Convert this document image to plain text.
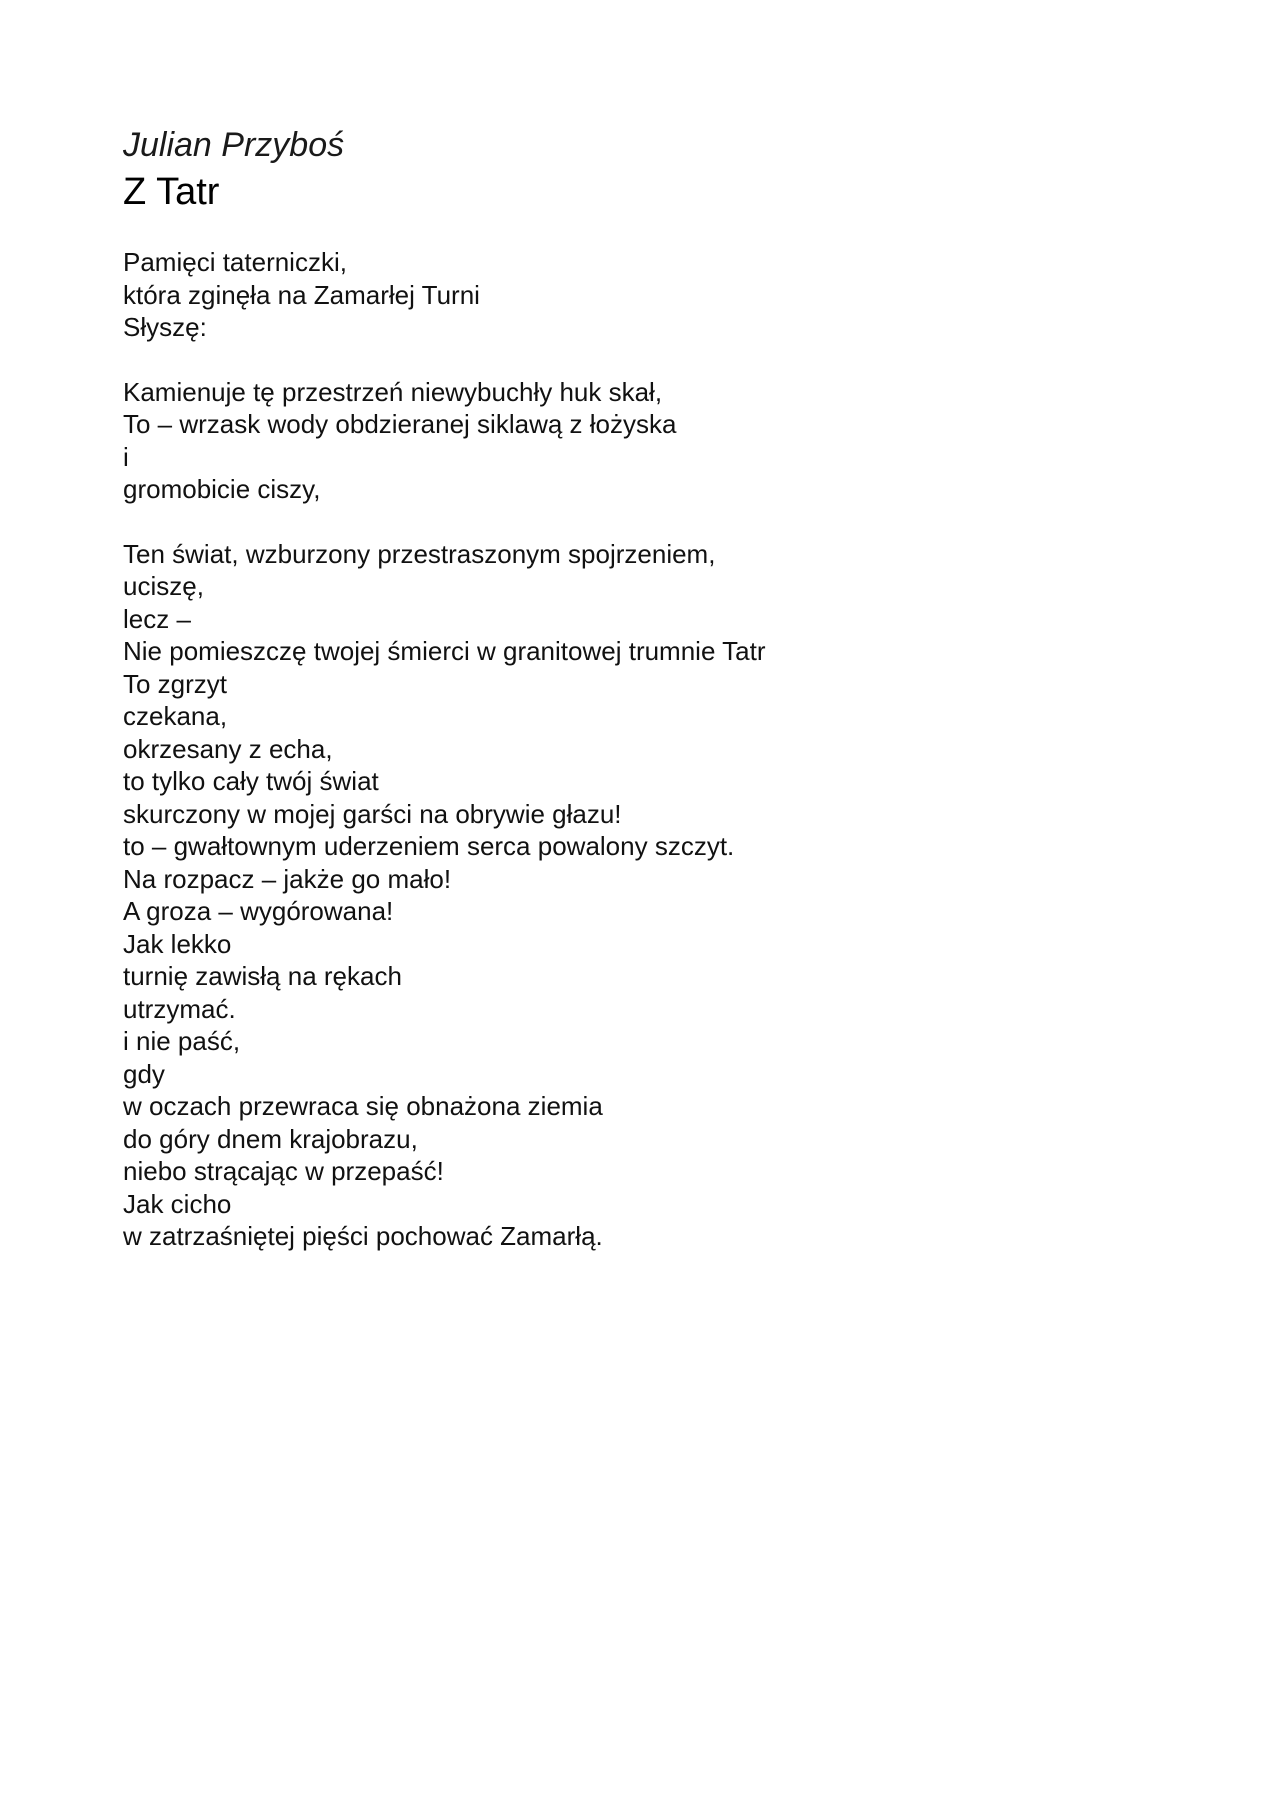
Julian Przyboś
Z Tatr
Pamięci taterniczki,
która zginęła na Zamarłej Turni
Słyszę:
Kamienuje tę przestrzeń niewybuchły huk skał,
To – wrzask wody obdzieranej siklawą z łożyska
i
gromobicie ciszy,
Ten świat, wzburzony przestraszonym spojrzeniem,
uciszę,
lecz –
Nie pomieszczę twojej śmierci w granitowej trumnie Tatr
To zgrzyt
czekana,
okrzesany z echa,
to tylko cały twój świat
skurczony w mojej garści na obrywie głazu!
to – gwałtownym uderzeniem serca powalony szczyt.
Na rozpacz – jakże go mało!
A groza – wygórowana!
Jak lekko
turnię zawisłą na rękach
utrzymać.
i nie paść,
gdy
w oczach przewraca się obnażona ziemia
do góry dnem krajobrazu,
niebo strącając w przepaść!
Jak cicho
w zatrzaśniętej pięści pochować Zamarłą.
